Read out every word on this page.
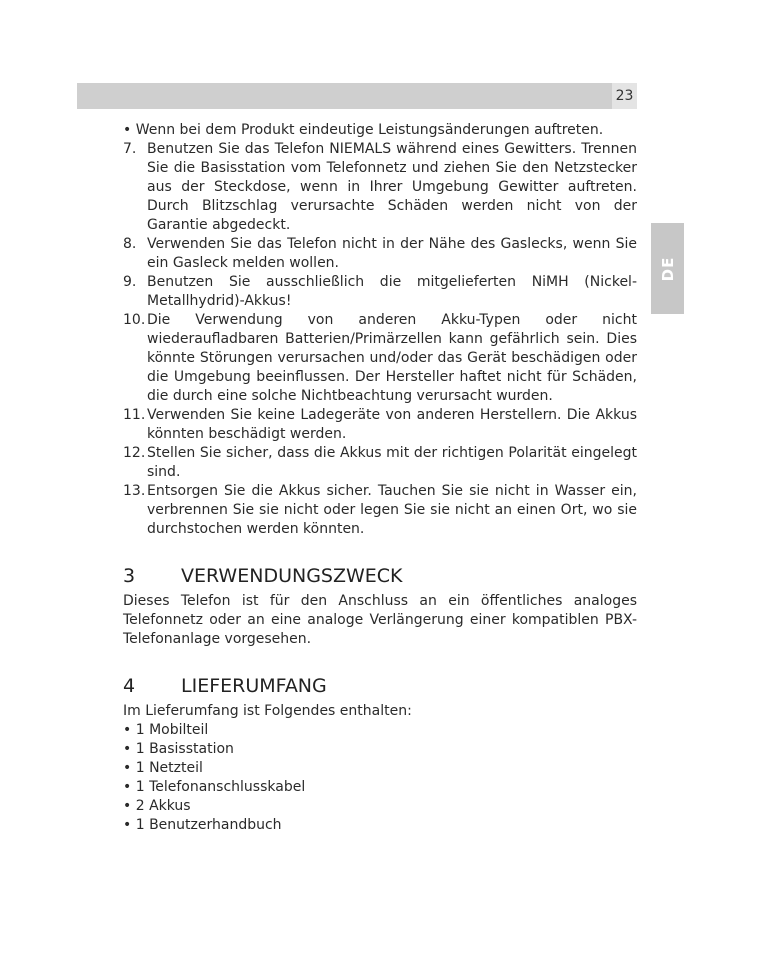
23
DE

• Wenn bei dem Produkt eindeutige Leistungsänderungen auftreten.

7. Benutzen Sie das Telefon NIEMALS während eines Gewitters. Trennen Sie die Basisstation vom Telefonnetz und ziehen Sie den Netzstecker aus der Steckdose, wenn in Ihrer Umgebung Gewitter auftreten. Durch Blitzschlag verursachte Schäden werden nicht von der Garantie abgedeckt.
8. Verwenden Sie das Telefon nicht in der Nähe des Gaslecks, wenn Sie ein Gasleck melden wollen.
9. Benutzen Sie ausschließlich die mitgelieferten NiMH (Nickel-Metallhydrid)-Akkus!
10. Die Verwendung von anderen Akku-Typen oder nicht wiederaufladbaren Batterien/Primärzellen kann gefährlich sein. Dies könnte Störungen verursachen und/oder das Gerät beschädigen oder die Umgebung beeinflussen. Der Hersteller haftet nicht für Schäden, die durch eine solche Nichtbeachtung verursacht wurden.
11. Verwenden Sie keine Ladegeräte von anderen Herstellern. Die Akkus könnten beschädigt werden.
12. Stellen Sie sicher, dass die Akkus mit der richtigen Polarität eingelegt sind.
13. Entsorgen Sie die Akkus sicher. Tauchen Sie sie nicht in Wasser ein, verbrennen Sie sie nicht oder legen Sie sie nicht an einen Ort, wo sie durchstochen werden könnten.
3	VERWENDUNGSZWECK

Dieses Telefon ist für den Anschluss an ein öffentliches analoges Telefonnetz oder an eine analoge Verlängerung einer kompatiblen PBX-Telefonanlage vorgesehen.

4	LIEFERUMFANG

Im Lieferumfang ist Folgendes enthalten:

• 1 Mobilteil
• 1 Basisstation
• 1 Netzteil
• 1 Telefonanschlusskabel
• 2 Akkus
• 1 Benutzerhandbuch
